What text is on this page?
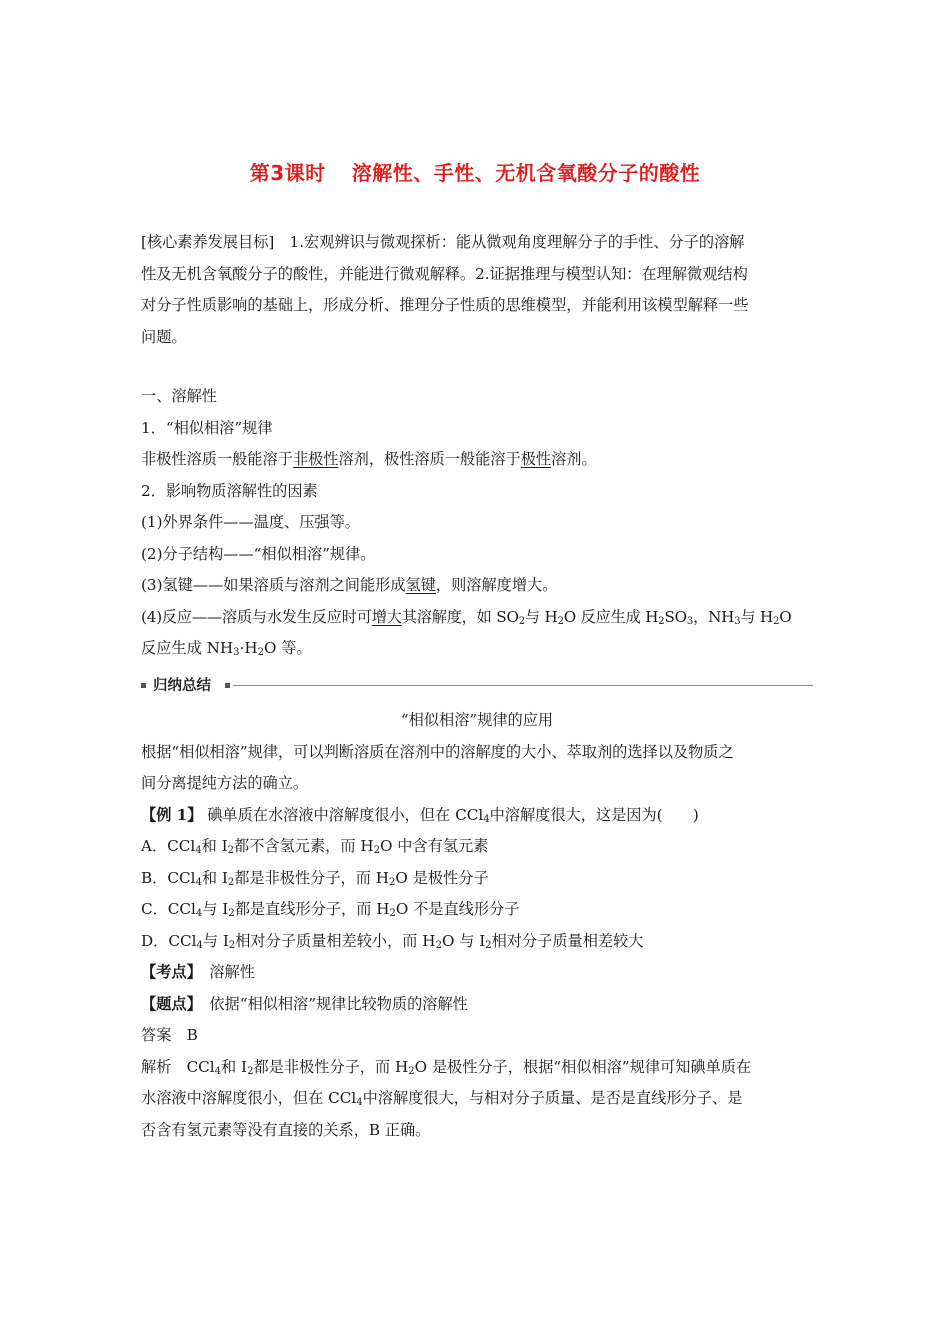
第3课时 溶解性、手性、无机含氧酸分子的酸性
[核心素养发展目标]　1.宏观辨识与微观探析：能从微观角度理解分子的手性、分子的溶解
性及无机含氧酸分子的酸性，并能进行微观解释。2.证据推理与模型认知：在理解微观结构
对分子性质影响的基础上，形成分析、推理分子性质的思维模型，并能利用该模型解释一些
问题。
一、溶解性
1．“相似相溶”规律
非极性溶质一般能溶于非极性溶剂，极性溶质一般能溶于极性溶剂。
2．影响物质溶解性的因素
(1)外界条件——温度、压强等。
(2)分子结构——“相似相溶”规律。
(3)氢键——如果溶质与溶剂之间能形成氢键，则溶解度增大。
(4)反应——溶质与水发生反应时可增大其溶解度，如 $SO_2$与 $H_2O$ 反应生成 $H_2SO_3$，$NH_3$与 $H_2O$
反应生成 $NH_3\cdot H_2O$ 等。
归纳总结
“相似相溶”规律的应用
根据“相似相溶”规律，可以判断溶质在溶剂中的溶解度的大小、萃取剂的选择以及物质之
间分离提纯方法的确立。
【例 1】 碘单质在水溶液中溶解度很小，但在 CCl$_4$中溶解度很大，这是因为(　　)
A．CCl$_4$和 $I_2$都不含氢元素，而 $H_2O$ 中含有氢元素
B．CCl$_4$和 $I_2$都是非极性分子，而 $H_2O$ 是极性分子
C．CCl$_4$与 $I_2$都是直线形分子，而 $H_2O$ 不是直线形分子
D．CCl$_4$与 $I_2$相对分子质量相差较小，而 $H_2O$ 与 $I_2$相对分子质量相差较大
【考点】　溶解性
【题点】　依据“相似相溶”规律比较物质的溶解性
答案　B
解析　CCl$_4$和 $I_2$都是非极性分子，而 $H_2O$ 是极性分子，根据“相似相溶”规律可知碘单质在
水溶液中溶解度很小，但在 CCl$_4$中溶解度很大，与相对分子质量、是否是直线形分子、是
否含有氢元素等没有直接的关系，B 正确。
